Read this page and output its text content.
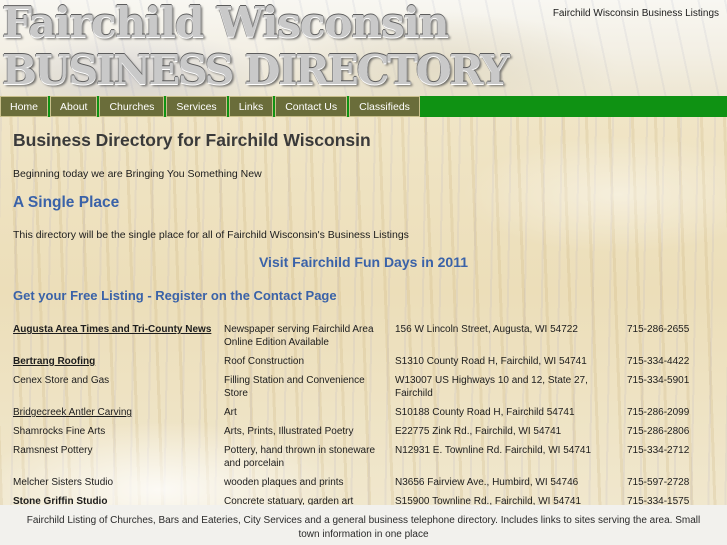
Fairchild Wisconsin
BUSINESS DIRECTORY
Fairchild Wisconsin Business Listings
Home	About	Churches	Services	Links	Contact Us	Classifieds
Business Directory for Fairchild Wisconsin
Beginning today we are Bringing You Something New
A Single Place
This directory will be the single place for all of Fairchild Wisconsin's Business Listings
Visit Fairchild Fun Days in 2011
Get your Free Listing - Register on the Contact Page
Augusta Area Times and Tri-County News	Newspaper serving Fairchild Area Online Edition Available	156 W Lincoln Street, Augusta, WI 54722	715-286-2655
Bertrang Roofing	Roof Construction	S1310 County Road H, Fairchild, WI 54741	715-334-4422
Cenex Store and Gas	Filling Station and Convenience Store	W13007 US Highways 10 and 12, State 27, Fairchild	715-334-5901
Bridgecreek Antler Carving	Art	S10188 County Road H, Fairchild 54741	715-286-2099
Shamrocks Fine Arts	Arts, Prints, Illustrated Poetry	E22775 Zink Rd., Fairchild, WI 54741	715-286-2806
Ramsnest Pottery	Pottery, hand thrown in stoneware and porcelain	N12931 E. Townline Rd. Fairchild, WI 54741	715-334-2712
Melcher Sisters Studio	wooden plaques and prints	N3656 Fairview Ave., Humbird, WI 54746	715-597-2728
Stone Griffin Studio	Concrete statuary, garden art	S15900 Townline Rd., Fairchild, WI 54741	715-334-1575

Fairchild Listing of Churches, Bars and Eateries, City Services and a general business telephone directory. Includes links to sites serving the area. Small town information in one place
